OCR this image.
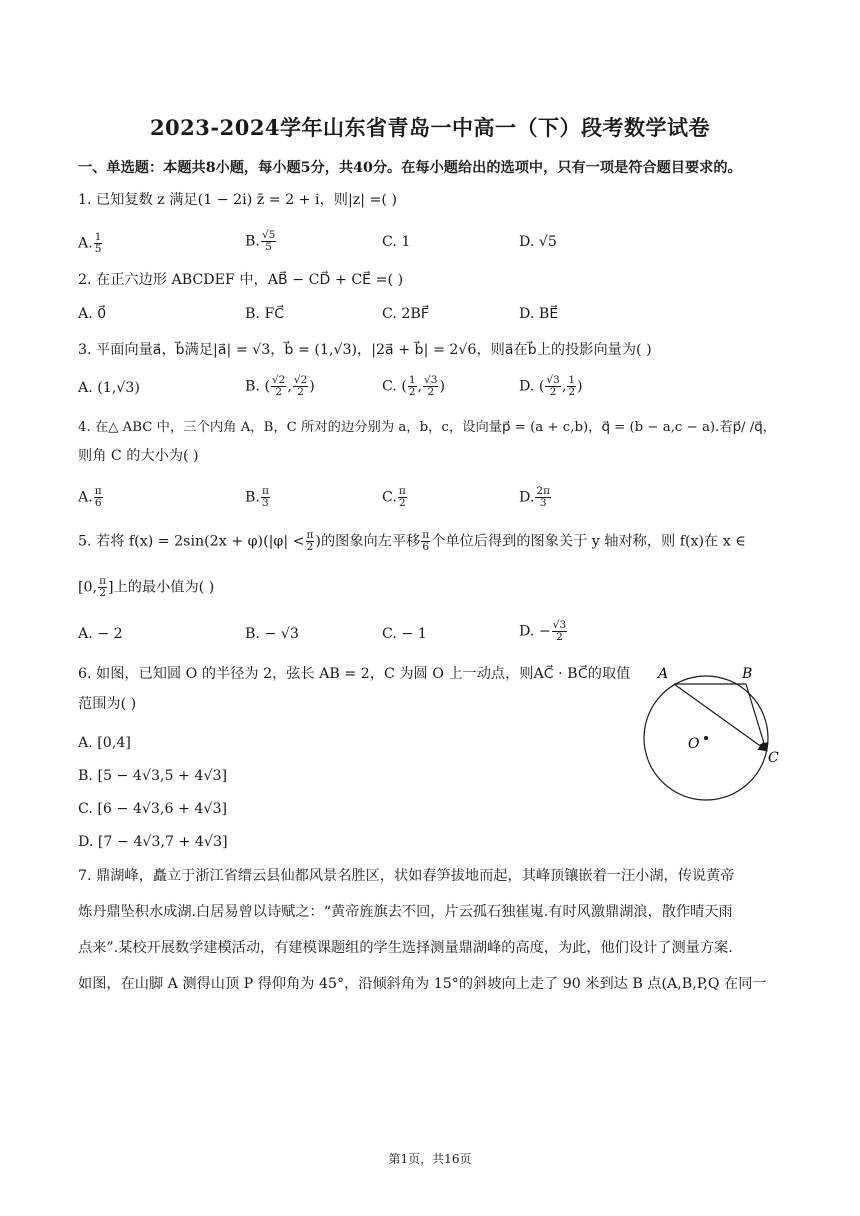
2023-2024学年山东省青岛一中高一（下）段考数学试卷
一、单选题：本题共8小题，每小题5分，共40分。在每小题给出的选项中，只有一项是符合题目要求的。
1. 已知复数 z 满足(1 − 2i) z̄ = 2 + i，则|z| =( )
A. $\frac{1}{5}$	B. $\frac{√5}{5}$	C. 1	D. √5
2. 在正六边形 ABCDEF 中，AB⃗ − CD⃗ + CE⃗ =( )
A. 0⃗	B. FC⃗	C. 2BF⃗	D. BE⃗
3. 平面向量a⃗，b⃗满足|a⃗| = √3，b⃗ = (1,√3)，|2a⃗ + b⃗| = 2√6，则a⃗在b⃗上的投影向量为( )
A. (1,√3)	B. ( $\frac{√2}{2}$ , $\frac{√2}{2}$ )	C. ( $\frac{1}{2}$ , $\frac{√3}{2}$ )	D. ( $\frac{√3}{2}$ , $\frac{1}{2}$ )
4. 在△ ABC 中，三个内角 A，B，C 所对的边分别为 a，b，c，设向量p⃗ = (a + c,b)，q⃗ = (b − a,c − a).若p⃗/ /q⃗，
则角 C 的大小为( )
A. $\frac{\pi}{6}$	B. $\frac{\pi}{3}$	C. $\frac{\pi}{2}$	D. $\frac{2\pi}{3}$
5. 若将 $f(x) = 2\sin(2x + \varphi)(|\varphi| < \frac{\pi}{2}$ )的图象向左平移 $\frac{\pi}{6}$ 个单位后得到的图象关于 y 轴对称，则 f(x)在 x ∈
[0, $\frac{\pi}{2}$ ]上的最小值为( )
A. − 2	B. − √3	C. − 1	D. − $\frac{√3}{2}$
6. 如图，已知圆 O 的半径为 2，弦长 AB = 2，C 为圆 O 上一动点，则AC⃗ · BC⃗的取值
范围为( )
A. [0,4]
B. [5 − 4√3,5 + 4√3]
C. [6 − 4√3,6 + 4√3]
D. [7 − 4√3,7 + 4√3]
A	B
O
C
7. 鼎湖峰，矗立于浙江省缙云县仙都风景名胜区，状如春笋拔地而起，其峰顶镶嵌着一汪小湖，传说黄帝
炼丹鼎坠积水成湖.白居易曾以诗赋之：“黄帝旌旗去不回，片云孤石独崔嵬.有时风激鼎湖浪，散作晴天雨
点来”.某校开展数学建模活动，有建模课题组的学生选择测量鼎湖峰的高度，为此，他们设计了测量方案.
如图，在山脚 A 测得山顶 P 得仰角为 45°，沿倾斜角为 15°的斜坡向上走了 90 米到达 B 点(A,B,P,Q 在同一
第1页，共16页
